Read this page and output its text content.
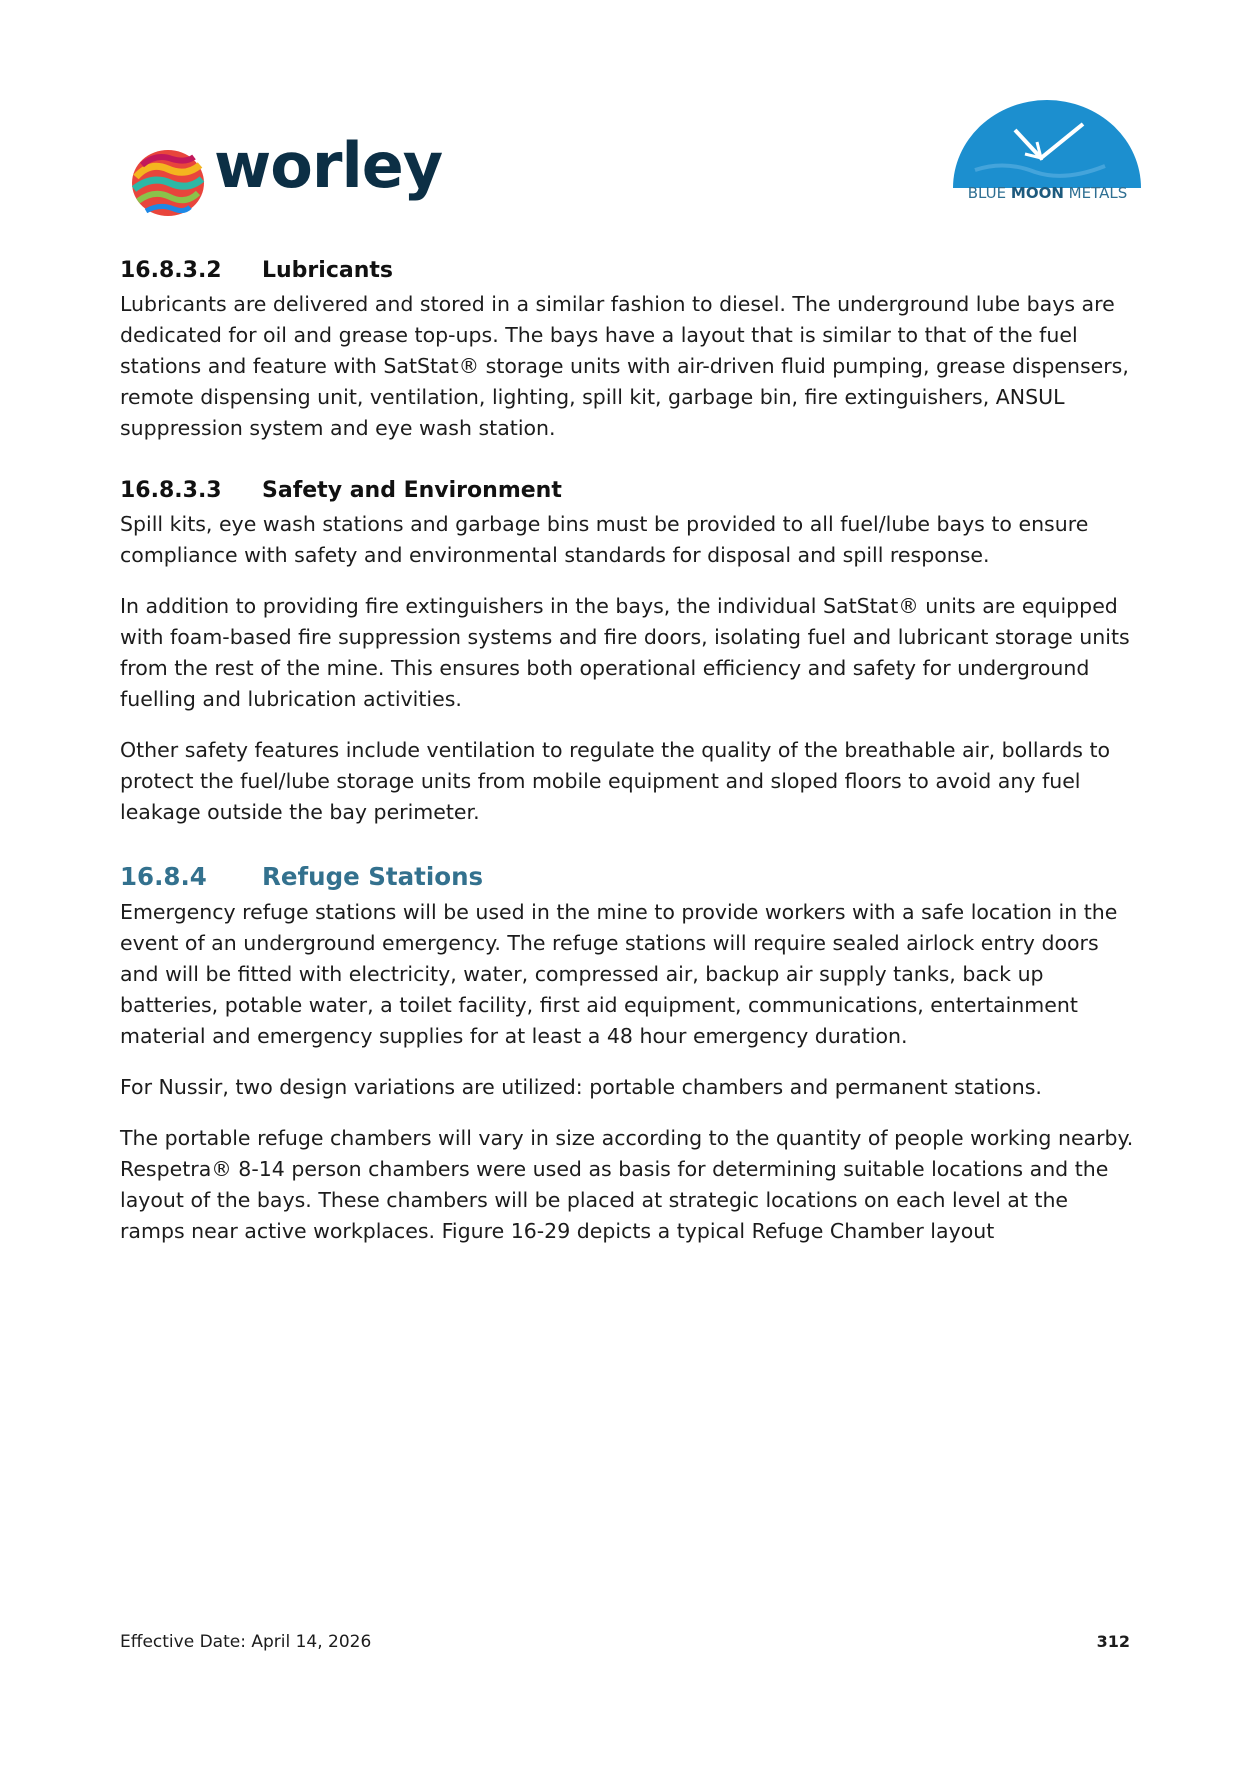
worley	BLUE MOON METALS
16.8.3.2	Lubricants

Lubricants are delivered and stored in a similar fashion to diesel. The underground lube bays are dedicated for oil and grease top-ups. The bays have a layout that is similar to that of the fuel stations and feature with SatStat® storage units with air-driven fluid pumping, grease dispensers, remote dispensing unit, ventilation, lighting, spill kit, garbage bin, fire extinguishers, ANSUL suppression system and eye wash station.

16.8.3.3	Safety and Environment

Spill kits, eye wash stations and garbage bins must be provided to all fuel/lube bays to ensure compliance with safety and environmental standards for disposal and spill response.

In addition to providing fire extinguishers in the bays, the individual SatStat® units are equipped with foam-based fire suppression systems and fire doors, isolating fuel and lubricant storage units from the rest of the mine. This ensures both operational efficiency and safety for underground fuelling and lubrication activities.

Other safety features include ventilation to regulate the quality of the breathable air, bollards to protect the fuel/lube storage units from mobile equipment and sloped floors to avoid any fuel leakage outside the bay perimeter.

16.8.4	Refuge Stations

Emergency refuge stations will be used in the mine to provide workers with a safe location in the event of an underground emergency. The refuge stations will require sealed airlock entry doors and will be fitted with electricity, water, compressed air, backup air supply tanks, back up batteries, potable water, a toilet facility, first aid equipment, communications, entertainment material and emergency supplies for at least a 48 hour emergency duration.

For Nussir, two design variations are utilized: portable chambers and permanent stations.

The portable refuge chambers will vary in size according to the quantity of people working nearby. Respetra® 8-14 person chambers were used as basis for determining suitable locations and the layout of the bays. These chambers will be placed at strategic locations on each level at the ramps near active workplaces. Figure 16-29 depicts a typical Refuge Chamber layout

Effective Date: April 14, 2026	312
